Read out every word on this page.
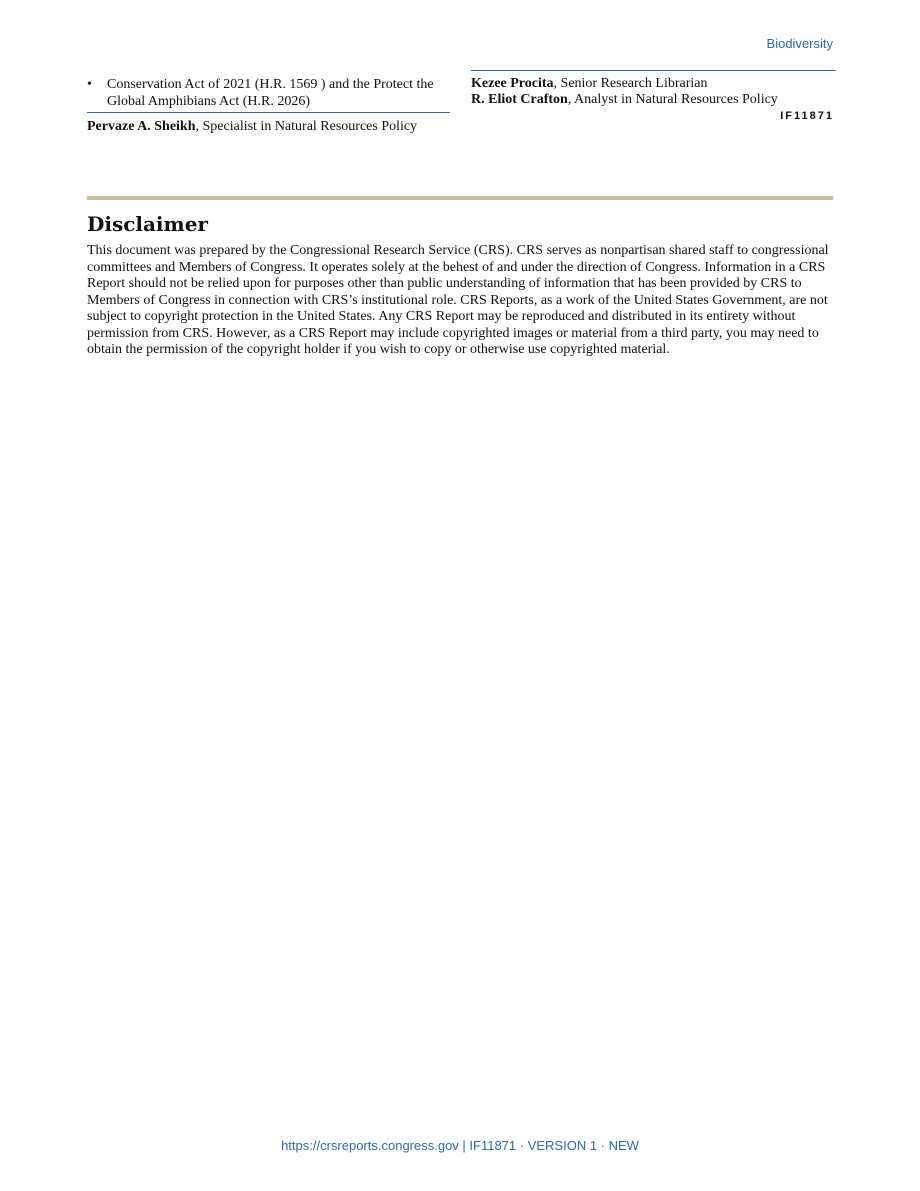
Biodiversity
• Conservation Act of 2021 (H.R. 1569 ) and the Protect the Global Amphibians Act (H.R. 2026)
Pervaze A. Sheikh, Specialist in Natural Resources Policy
Kezee Procita, Senior Research Librarian
R. Eliot Crafton, Analyst in Natural Resources Policy
IF11871
Disclaimer

This document was prepared by the Congressional Research Service (CRS). CRS serves as nonpartisan shared staff to congressional committees and Members of Congress. It operates solely at the behest of and under the direction of Congress. Information in a CRS Report should not be relied upon for purposes other than public understanding of information that has been provided by CRS to Members of Congress in connection with CRS’s institutional role. CRS Reports, as a work of the United States Government, are not subject to copyright protection in the United States. Any CRS Report may be reproduced and distributed in its entirety without permission from CRS. However, as a CRS Report may include copyrighted images or material from a third party, you may need to obtain the permission of the copyright holder if you wish to copy or otherwise use copyrighted material.

https://crsreports.congress.gov | IF11871 · VERSION 1 · NEW
